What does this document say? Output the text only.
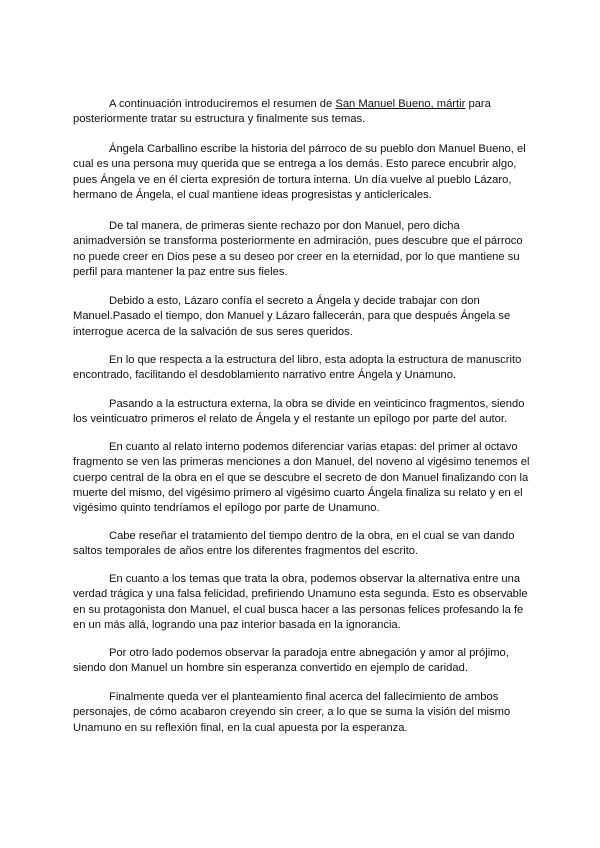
A continuación introduciremos el resumen de San Manuel Bueno, mártir para
posteriormente tratar su estructura y finalmente sus temas.
Ángela Carballino escribe la historia del párroco de su pueblo don Manuel Bueno, el
cual es una persona muy querida que se entrega a los demás. Esto parece encubrir algo,
pues Ángela ve en él cierta expresión de tortura interna. Un día vuelve al pueblo Lázaro,
hermano de Ángela, el cual mantiene ideas progresistas y anticlericales.
De tal manera, de primeras siente rechazo por don Manuel, pero dicha
animadversión se transforma posteriormente en admiración, pues descubre que el párroco
no puede creer en Dios pese a su deseo por creer en la eternidad, por lo que mantiene su
perfil para mantener la paz entre sus fieles.
Debido a esto, Lázaro confía el secreto a Ángela y decide trabajar con don
Manuel.Pasado el tiempo, don Manuel y Lázaro fallecerán, para que después Ángela se
interrogue acerca de la salvación de sus seres queridos.
En lo que respecta a la estructura del libro, esta adopta la estructura de manuscrito
encontrado, facilitando el desdoblamiento narrativo entre Ángela y Unamuno.
Pasando a la estructura externa, la obra se divide en veinticinco fragmentos, siendo
los veinticuatro primeros el relato de Ángela y el restante un epílogo por parte del autor.
En cuanto al relato interno podemos diferenciar varias etapas: del primer al octavo
fragmento se ven las primeras menciones a don Manuel, del noveno al vigésimo tenemos el
cuerpo central de la obra en el que se descubre el secreto de don Manuel finalizando con la
muerte del mismo, del vigésimo primero al vigésimo cuarto Ángela finaliza su relato y en el
vigésimo quinto tendríamos el epílogo por parte de Unamuno.
Cabe reseñar el tratamiento del tiempo dentro de la obra, en el cual se van dando
saltos temporales de años entre los diferentes fragmentos del escrito.
En cuanto a los temas que trata la obra, podemos observar la alternativa entre una
verdad trágica y una falsa felicidad, prefiriendo Unamuno esta segunda. Esto es observable
en su protagonista don Manuel, el cual busca hacer a las personas felices profesando la fe
en un más allá, logrando una paz interior basada en la ignorancia.
Por otro lado podemos observar la paradoja entre abnegación y amor al prójimo,
siendo don Manuel un hombre sin esperanza convertido en ejemplo de caridad.
Finalmente queda ver el planteamiento final acerca del fallecimiento de ambos
personajes, de cómo acabaron creyendo sin creer, a lo que se suma la visión del mismo
Unamuno en su reflexión final, en la cual apuesta por la esperanza.
